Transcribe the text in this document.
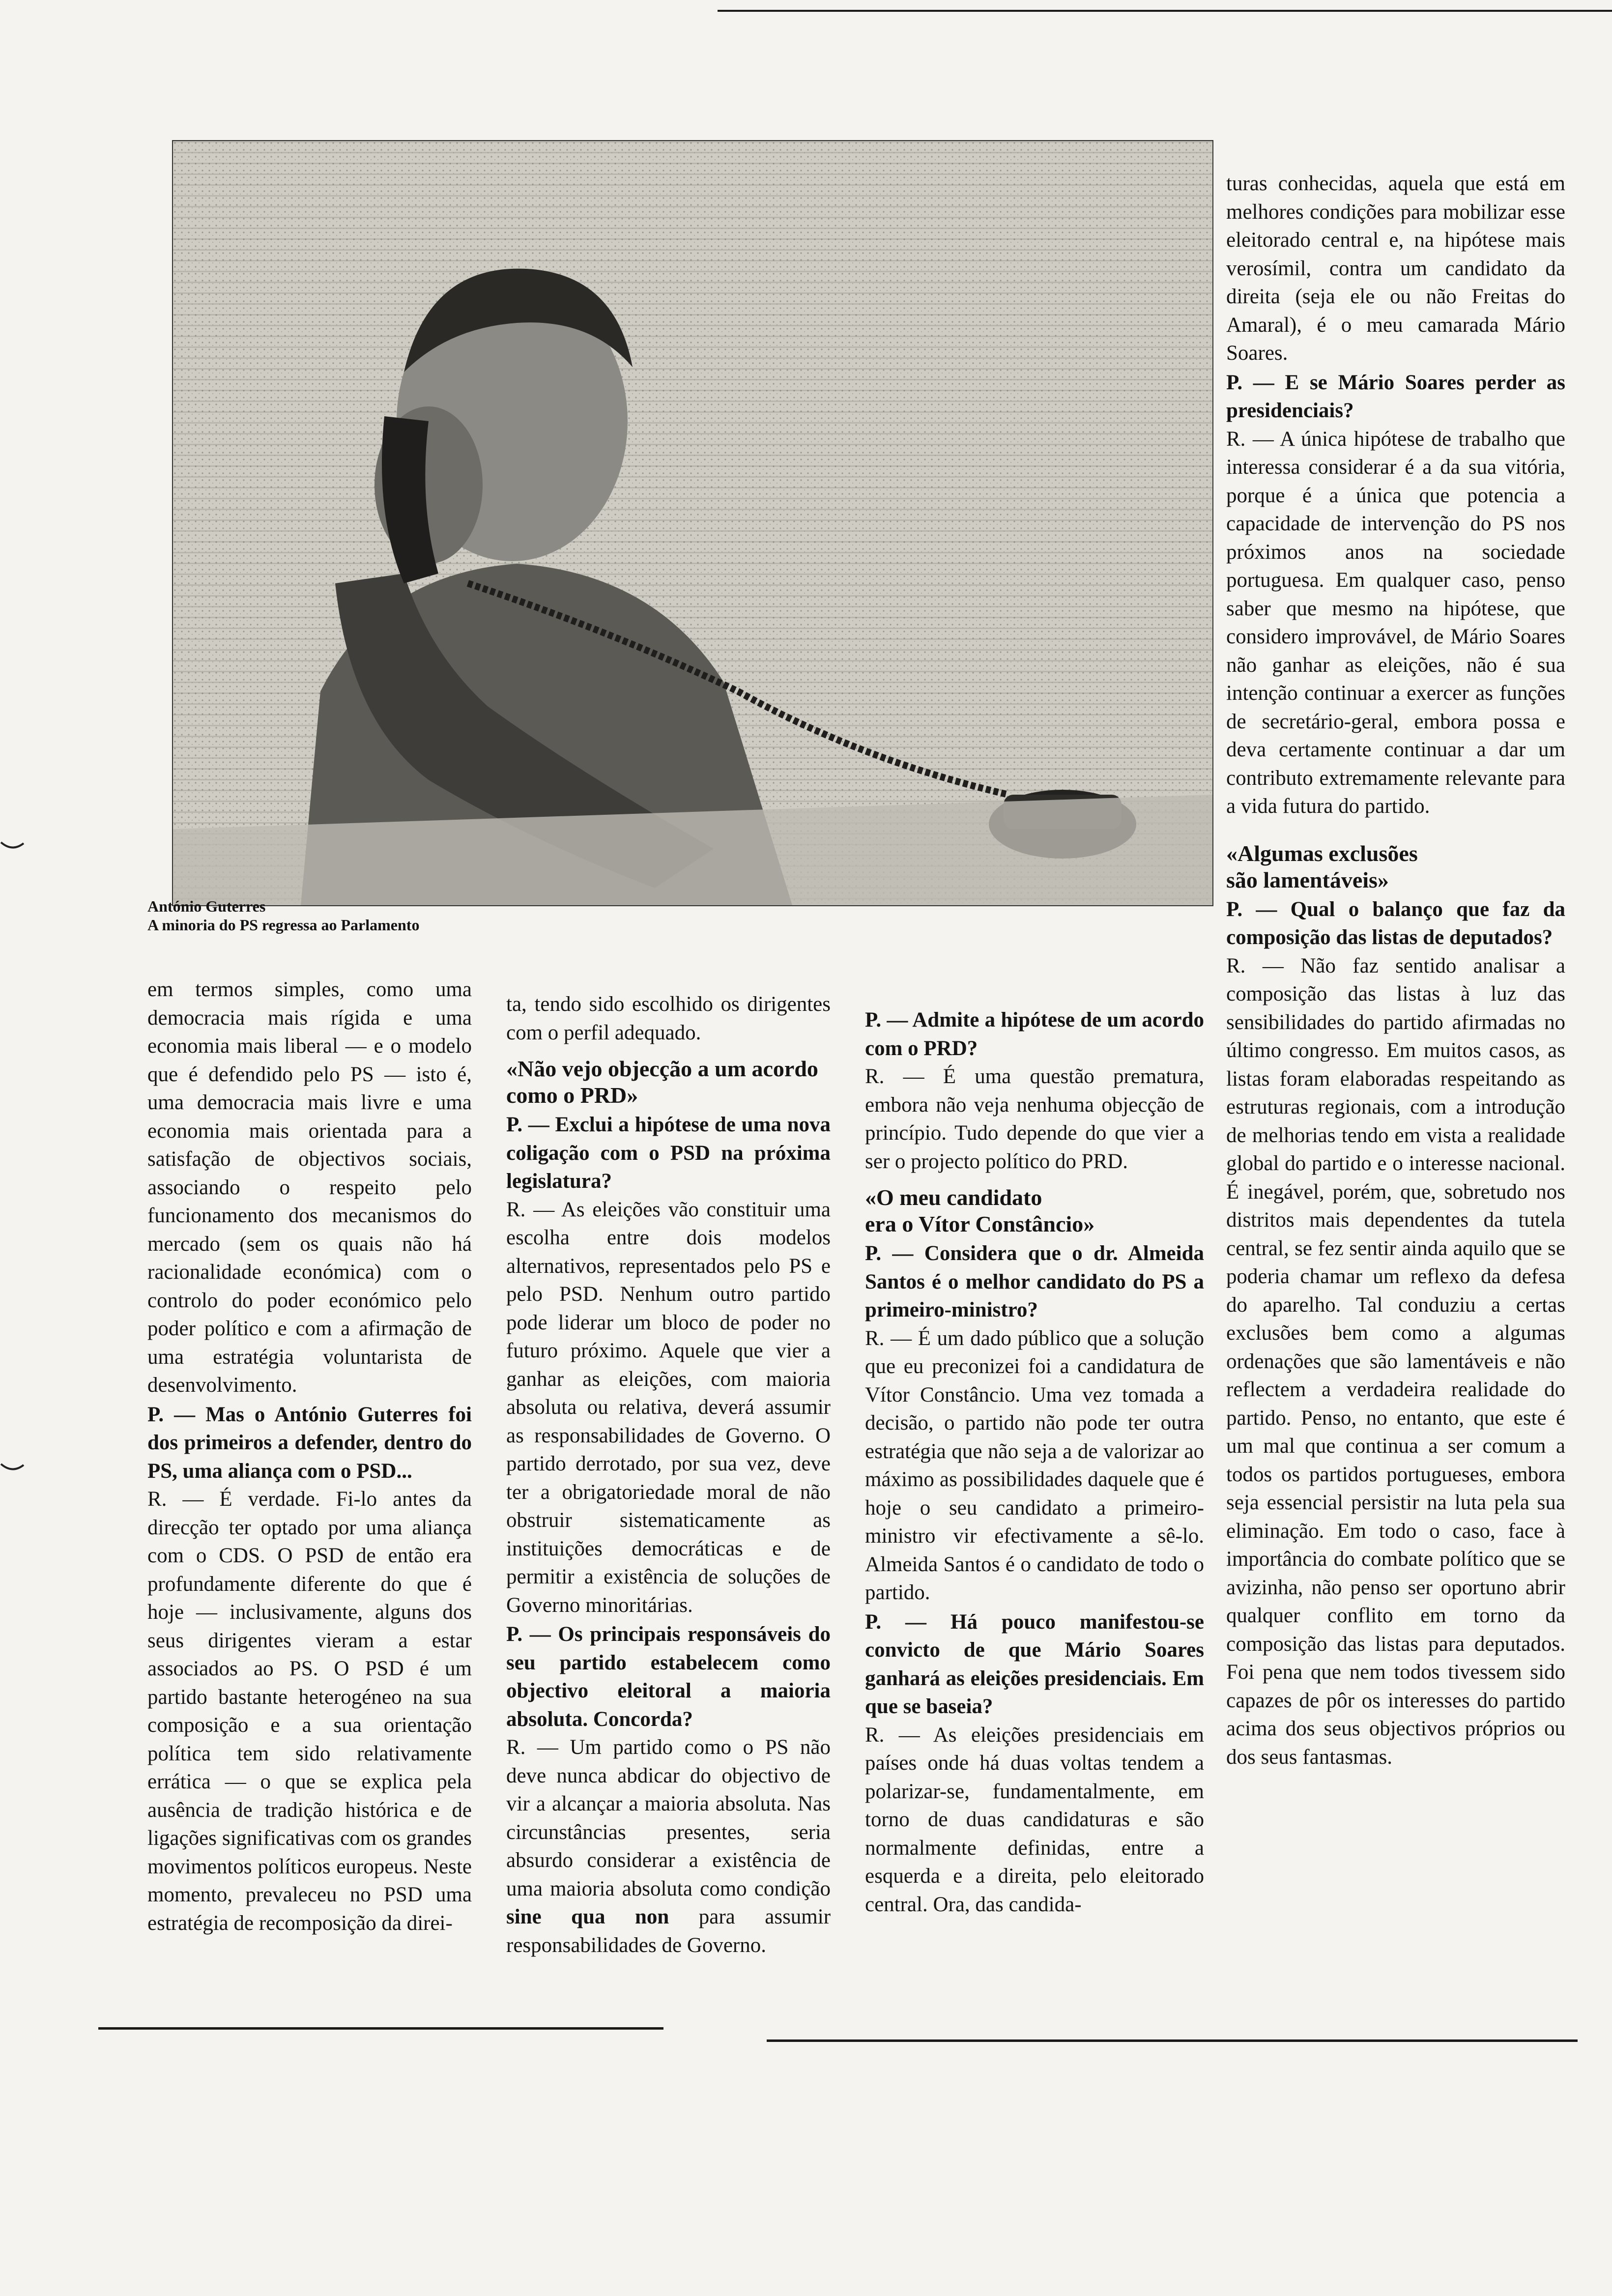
António Guterres
A minoria do PS regressa ao Parlamento

em termos simples, como uma democracia mais rígida e uma economia mais liberal — e o modelo que é defendido pelo PS — isto é, uma democracia mais livre e uma economia mais orientada para a satisfação de objectivos sociais, associando o respeito pelo funcionamento dos mecanismos do mercado (sem os quais não há racionalidade económica) com o controlo do poder económico pelo poder político e com a afirmação de uma estratégia voluntarista de desenvolvimento.

P. — Mas o António Guterres foi dos primeiros a defender, dentro do PS, uma aliança com o PSD...

R. — É verdade. Fi-lo antes da direcção ter optado por uma aliança com o CDS. O PSD de então era profundamente diferente do que é hoje — inclusivamente, alguns dos seus dirigentes vieram a estar associados ao PS. O PSD é um partido bastante heterogéneo na sua composição e a sua orientação política tem sido relativamente errática — o que se explica pela ausência de tradição histórica e de ligações significativas com os grandes movimentos políticos europeus. Neste momento, prevaleceu no PSD uma estratégia de recomposição da direi-

ta, tendo sido escolhido os dirigentes com o perfil adequado.

«Não vejo objecção a um acordo como o PRD»

P. — Exclui a hipótese de uma nova coligação com o PSD na próxima legislatura?

R. — As eleições vão constituir uma escolha entre dois modelos alternativos, representados pelo PS e pelo PSD. Nenhum outro partido pode liderar um bloco de poder no futuro próximo. Aquele que vier a ganhar as eleições, com maioria absoluta ou relativa, deverá assumir as responsabilidades de Governo. O partido derrotado, por sua vez, deve ter a obrigatoriedade moral de não obstruir sistematicamente as instituições democráticas e de permitir a existência de soluções de Governo minoritárias.

P. — Os principais responsáveis do seu partido estabelecem como objectivo eleitoral a maioria absoluta. Concorda?

R. — Um partido como o PS não deve nunca abdicar do objectivo de vir a alcançar a maioria absoluta. Nas circunstâncias presentes, seria absurdo considerar a existência de uma maioria absoluta como condição sine qua non para assumir responsabilidades de Governo.

P. — Admite a hipótese de um acordo com o PRD?

R. — É uma questão prematura, embora não veja nenhuma objecção de princípio. Tudo depende do que vier a ser o projecto político do PRD.

«O meu candidato
era o Vítor Constâncio»

P. — Considera que o dr. Almeida Santos é o melhor candidato do PS a primeiro-ministro?

R. — É um dado público que a solução que eu preconizei foi a candidatura de Vítor Constâncio. Uma vez tomada a decisão, o partido não pode ter outra estratégia que não seja a de valorizar ao máximo as possibilidades daquele que é hoje o seu candidato a primeiro-ministro vir efectivamente a sê-lo. Almeida Santos é o candidato de todo o partido.

P. — Há pouco manifestou-se convicto de que Mário Soares ganhará as eleições presidenciais. Em que se baseia?

R. — As eleições presidenciais em países onde há duas voltas tendem a polarizar-se, fundamentalmente, em torno de duas candidaturas e são normalmente definidas, entre a esquerda e a direita, pelo eleitorado central. Ora, das candida-

turas conhecidas, aquela que está em melhores condições para mobilizar esse eleitorado central e, na hipótese mais verosímil, contra um candidato da direita (seja ele ou não Freitas do Amaral), é o meu camarada Mário Soares.

P. — E se Mário Soares perder as presidenciais?

R. — A única hipótese de trabalho que interessa considerar é a da sua vitória, porque é a única que potencia a capacidade de intervenção do PS nos próximos anos na sociedade portuguesa. Em qualquer caso, penso saber que mesmo na hipótese, que considero improvável, de Mário Soares não ganhar as eleições, não é sua intenção continuar a exercer as funções de secretário-geral, embora possa e deva certamente continuar a dar um contributo extremamente relevante para a vida futura do partido.

«Algumas exclusões
são lamentáveis»

P. — Qual o balanço que faz da composição das listas de deputados?

R. — Não faz sentido analisar a composição das listas à luz das sensibilidades do partido afirmadas no último congresso. Em muitos casos, as listas foram elaboradas respeitando as estruturas regionais, com a introdução de melhorias tendo em vista a realidade global do partido e o interesse nacional. É inegável, porém, que, sobretudo nos distritos mais dependentes da tutela central, se fez sentir ainda aquilo que se poderia chamar um reflexo da defesa do aparelho. Tal conduziu a certas exclusões bem como a algumas ordenações que são lamentáveis e não reflectem a verdadeira realidade do partido. Penso, no entanto, que este é um mal que continua a ser comum a todos os partidos portugueses, embora seja essencial persistir na luta pela sua eliminação. Em todo o caso, face à importância do combate político que se avizinha, não penso ser oportuno abrir qualquer conflito em torno da composição das listas para deputados. Foi pena que nem todos tivessem sido capazes de pôr os interesses do partido acima dos seus objectivos próprios ou dos seus fantasmas.
